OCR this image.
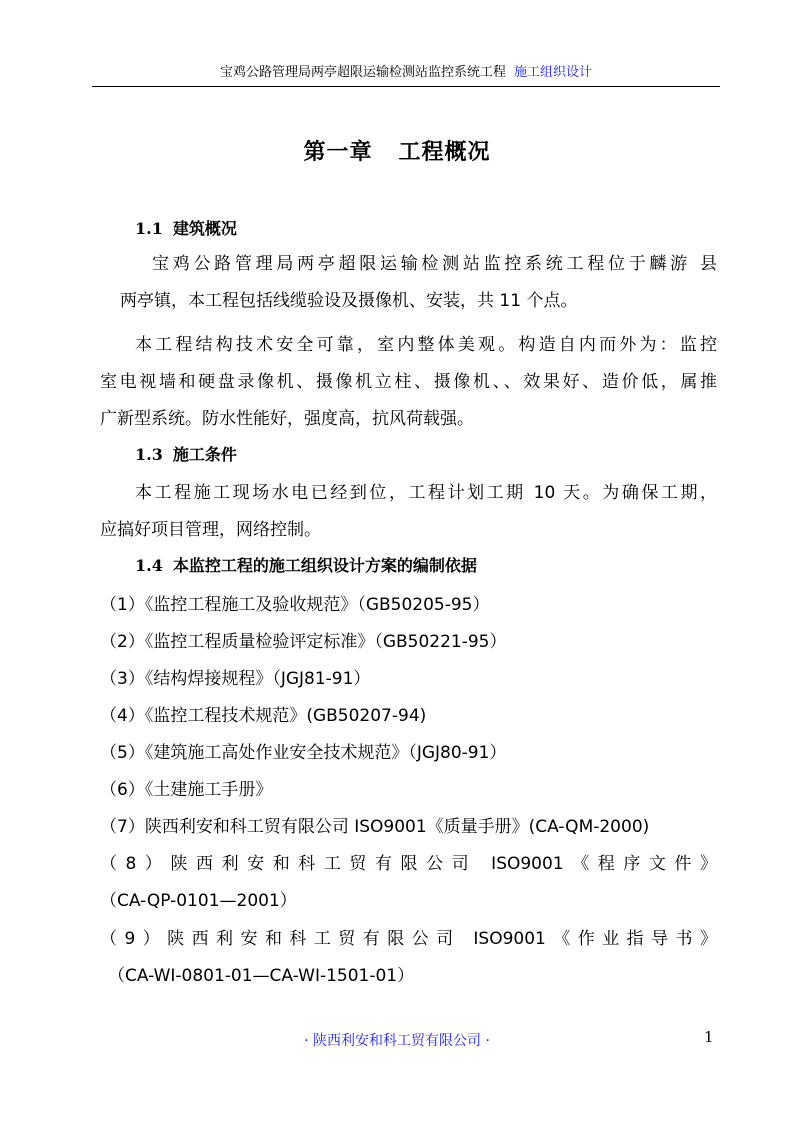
宝鸡公路管理局两亭超限运输检测站监控系统工程 施工组织设计
第一章 工程概况
1.1 建筑概况
宝鸡公路管理局两亭超限运输检测站监控系统工程位于麟游 县
两亭镇，本工程包括线缆验设及摄像机、安装，共 11 个点。
本工程结构技术安全可靠，室内整体美观。构造自内而外为：监控
室电视墙和硬盘录像机、摄像机立柱、摄像机、、效果好、造价低，属推
广新型系统。防水性能好，强度高，抗风荷载强。
1.3 施工条件
本工程施工现场水电已经到位，工程计划工期 10 天。为确保工期，
应搞好项目管理，网络控制。
1.4 本监控工程的施工组织设计方案的编制依据
（1）《监控工程施工及验收规范》（GB50205-95）
（2）《监控工程质量检验评定标准》（GB50221-95）
（3）《结构焊接规程》（JGJ81-91）
（4）《监控工程技术规范》(GB50207-94)
（5）《建筑施工高处作业安全技术规范》（JGJ80-91）
（6）《土建施工手册》
（7）陕西利安和科工贸有限公司 ISO9001《质量手册》(CA-QM-2000)
（8）陕西利安和科工贸有限公司 ISO9001《程序文件》
（CA-QP-0101—2001）
（9）陕西利安和科工贸有限公司 ISO9001《作业指导书》
（CA-WI-0801-01—CA-WI-1501-01）
· 陕西利安和科工贸有限公司 ·	1
